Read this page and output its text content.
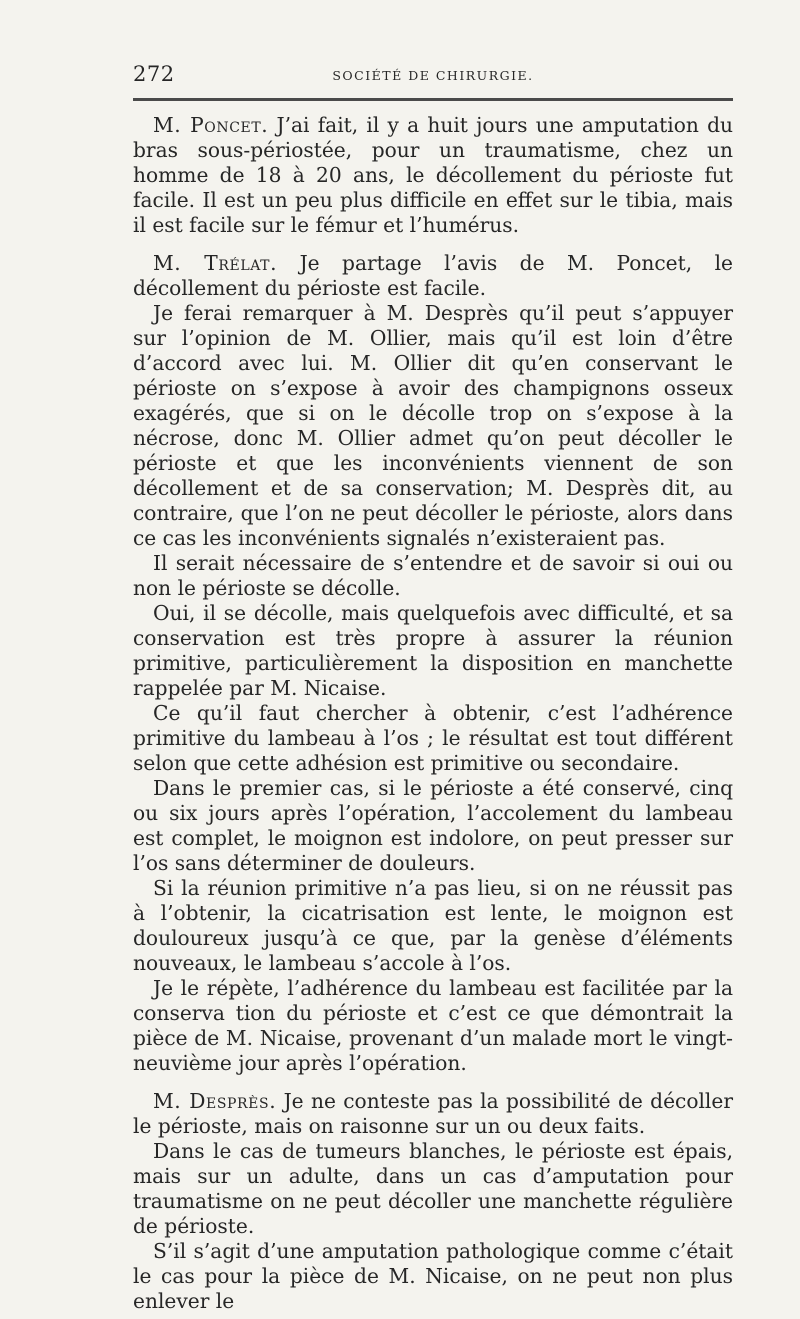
272	SOCIÉTÉ DE CHIRURGIE.

M. Poncet. J’ai fait, il y a huit jours une amputation du bras sous-périostée, pour un traumatisme, chez un homme de 18 à 20 ans, le décollement du périoste fut facile. Il est un peu plus difficile en effet sur le tibia, mais il est facile sur le fémur et l’humérus.

M. Trélat. Je partage l’avis de M. Poncet, le décollement du périoste est facile.

Je ferai remarquer à M. Desprès qu’il peut s’appuyer sur l’opinion de M. Ollier, mais qu’il est loin d’être d’accord avec lui. M. Ollier dit qu’en conservant le périoste on s’expose à avoir des champignons osseux exagérés, que si on le décolle trop on s’expose à la nécrose, donc M. Ollier admet qu’on peut décoller le périoste et que les inconvénients viennent de son décollement et de sa conservation; M. Desprès dit, au contraire, que l’on ne peut décoller le périoste, alors dans ce cas les inconvénients signalés n’existeraient pas.

Il serait nécessaire de s’entendre et de savoir si oui ou non le périoste se décolle.

Oui, il se décolle, mais quelquefois avec difficulté, et sa conservation est très propre à assurer la réunion primitive, particulièrement la disposition en manchette rappelée par M. Nicaise.

Ce qu’il faut chercher à obtenir, c’est l’adhérence primitive du lambeau à l’os ; le résultat est tout différent selon que cette adhésion est primitive ou secondaire.

Dans le premier cas, si le périoste a été conservé, cinq ou six jours après l’opération, l’accolement du lambeau est complet, le moignon est indolore, on peut presser sur l’os sans déterminer de douleurs.

Si la réunion primitive n’a pas lieu, si on ne réussit pas à l’obtenir, la cicatrisation est lente, le moignon est douloureux jusqu’à ce que, par la genèse d’éléments nouveaux, le lambeau s’accole à l’os.

Je le répète, l’adhérence du lambeau est facilitée par la conserva tion du périoste et c’est ce que démontrait la pièce de M. Nicaise, provenant d’un malade mort le vingt-neuvième jour après l’opération.

M. Desprès. Je ne conteste pas la possibilité de décoller le périoste, mais on raisonne sur un ou deux faits.

Dans le cas de tumeurs blanches, le périoste est épais, mais sur un adulte, dans un cas d’amputation pour traumatisme on ne peut décoller une manchette régulière de périoste.

S’il s’agit d’une amputation pathologique comme c’était le cas pour la pièce de M. Nicaise, on ne peut non plus enlever le
